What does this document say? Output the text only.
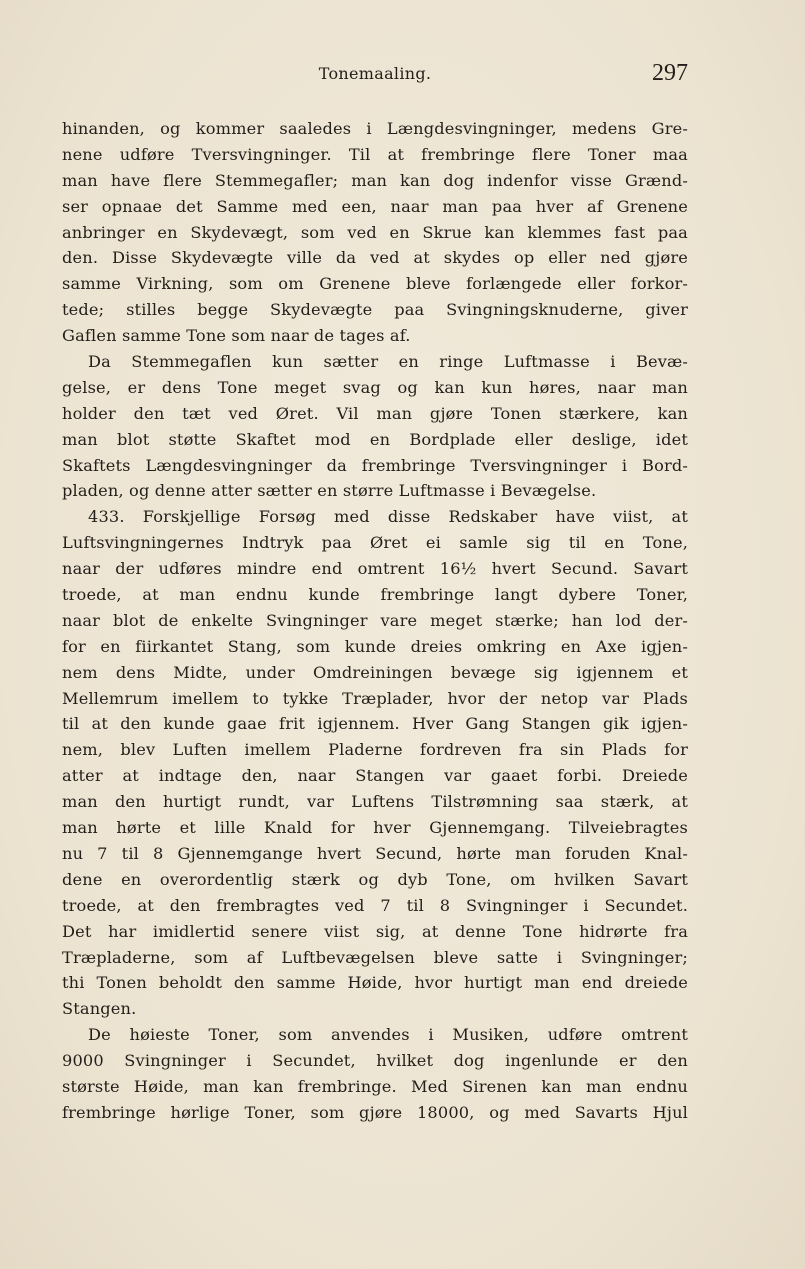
Tonemaaling.	297
hinanden, og kommer saaledes i Længdesvingninger, medens Gre-
nene udføre Tversvingninger. Til at frembringe flere Toner maa
man have flere Stemmegafler; man kan dog indenfor visse Grænd-
ser opnaae det Samme med een, naar man paa hver af Grenene
anbringer en Skydevægt, som ved en Skrue kan klemmes fast paa
den. Disse Skydevægte ville da ved at skydes op eller ned gjøre
samme Virkning, som om Grenene bleve forlængede eller forkor-
tede; stilles begge Skydevægte paa Svingningsknuderne, giver
Gaflen samme Tone som naar de tages af.
Da Stemmegaflen kun sætter en ringe Luftmasse i Bevæ-
gelse, er dens Tone meget svag og kan kun høres, naar man
holder den tæt ved Øret. Vil man gjøre Tonen stærkere, kan
man blot støtte Skaftet mod en Bordplade eller deslige, idet
Skaftets Længdesvingninger da frembringe Tversvingninger i Bord-
pladen, og denne atter sætter en større Luftmasse i Bevægelse.
433. Forskjellige Forsøg med disse Redskaber have viist, at
Luftsvingningernes Indtryk paa Øret ei samle sig til en Tone,
naar der udføres mindre end omtrent 16½ hvert Secund. Savart
troede, at man endnu kunde frembringe langt dybere Toner,
naar blot de enkelte Svingninger vare meget stærke; han lod der-
for en fiirkantet Stang, som kunde dreies omkring en Axe igjen-
nem dens Midte, under Omdreiningen bevæge sig igjennem et
Mellemrum imellem to tykke Træplader, hvor der netop var Plads
til at den kunde gaae frit igjennem. Hver Gang Stangen gik igjen-
nem, blev Luften imellem Pladerne fordreven fra sin Plads for
atter at indtage den, naar Stangen var gaaet forbi. Dreiede
man den hurtigt rundt, var Luftens Tilstrømning saa stærk, at
man hørte et lille Knald for hver Gjennemgang. Tilveiebragtes
nu 7 til 8 Gjennemgange hvert Secund, hørte man foruden Knal-
dene en overordentlig stærk og dyb Tone, om hvilken Savart
troede, at den frembragtes ved 7 til 8 Svingninger i Secundet.
Det har imidlertid senere viist sig, at denne Tone hidrørte fra
Træpladerne, som af Luftbevægelsen bleve satte i Svingninger;
thi Tonen beholdt den samme Høide, hvor hurtigt man end dreiede
Stangen.
De høieste Toner, som anvendes i Musiken, udføre omtrent
9000 Svingninger i Secundet, hvilket dog ingenlunde er den
største Høide, man kan frembringe. Med Sirenen kan man endnu
frembringe hørlige Toner, som gjøre 18000, og med Savarts Hjul
